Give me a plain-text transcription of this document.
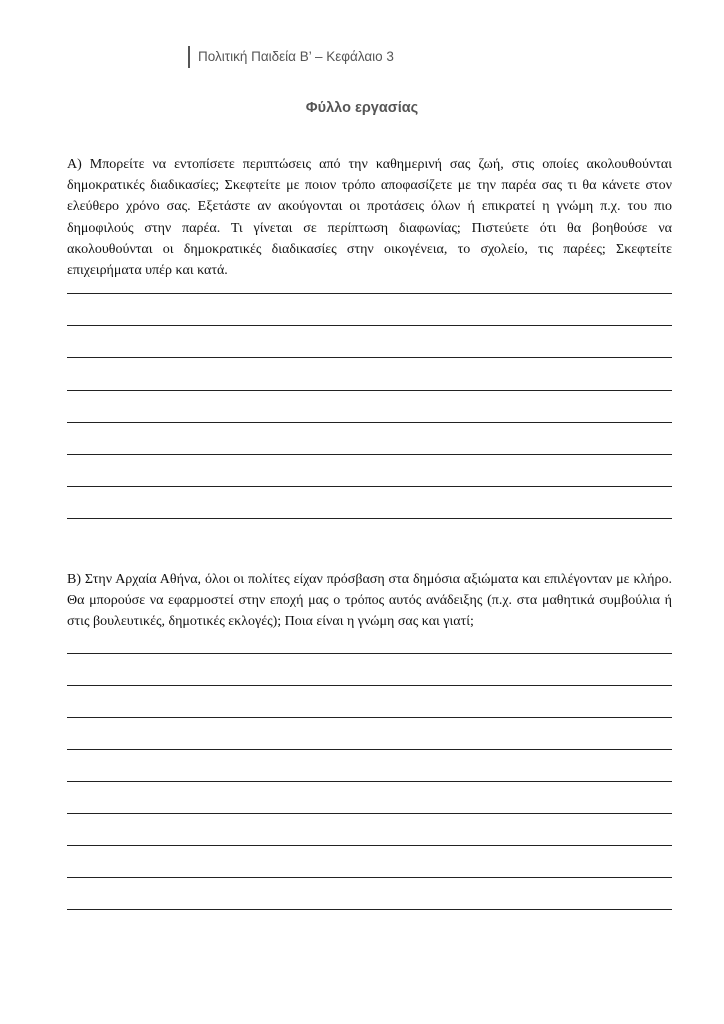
Πολιτική Παιδεία Β’ – Κεφάλαιο 3
Φύλλο εργασίας
Α) Μπορείτε να εντοπίσετε περιπτώσεις από την καθημερινή σας ζωή, στις οποίες ακολουθούνται δημοκρατικές διαδικασίες; Σκεφτείτε με ποιον τρόπο αποφασίζετε με την παρέα σας τι θα κάνετε στον ελεύθερο χρόνο σας. Εξετάστε αν ακούγονται οι προτάσεις όλων ή επικρατεί η γνώμη π.χ. του πιο δημοφιλούς στην παρέα. Τι γίνεται σε περίπτωση διαφωνίας; Πιστεύετε ότι θα βοηθούσε να ακολουθούνται οι δημοκρατικές διαδικασίες στην οικογένεια, το σχολείο, τις παρέες; Σκεφτείτε επιχειρήματα υπέρ και κατά.
Β) Στην Αρχαία Αθήνα, όλοι οι πολίτες είχαν πρόσβαση στα δημόσια αξιώματα και επιλέγονταν με κλήρο. Θα μπορούσε να εφαρμοστεί στην εποχή μας ο τρόπος αυτός ανάδειξης (π.χ. στα μαθητικά συμβούλια ή στις βουλευτικές, δημοτικές εκλογές); Ποια είναι η γνώμη σας και γιατί;
